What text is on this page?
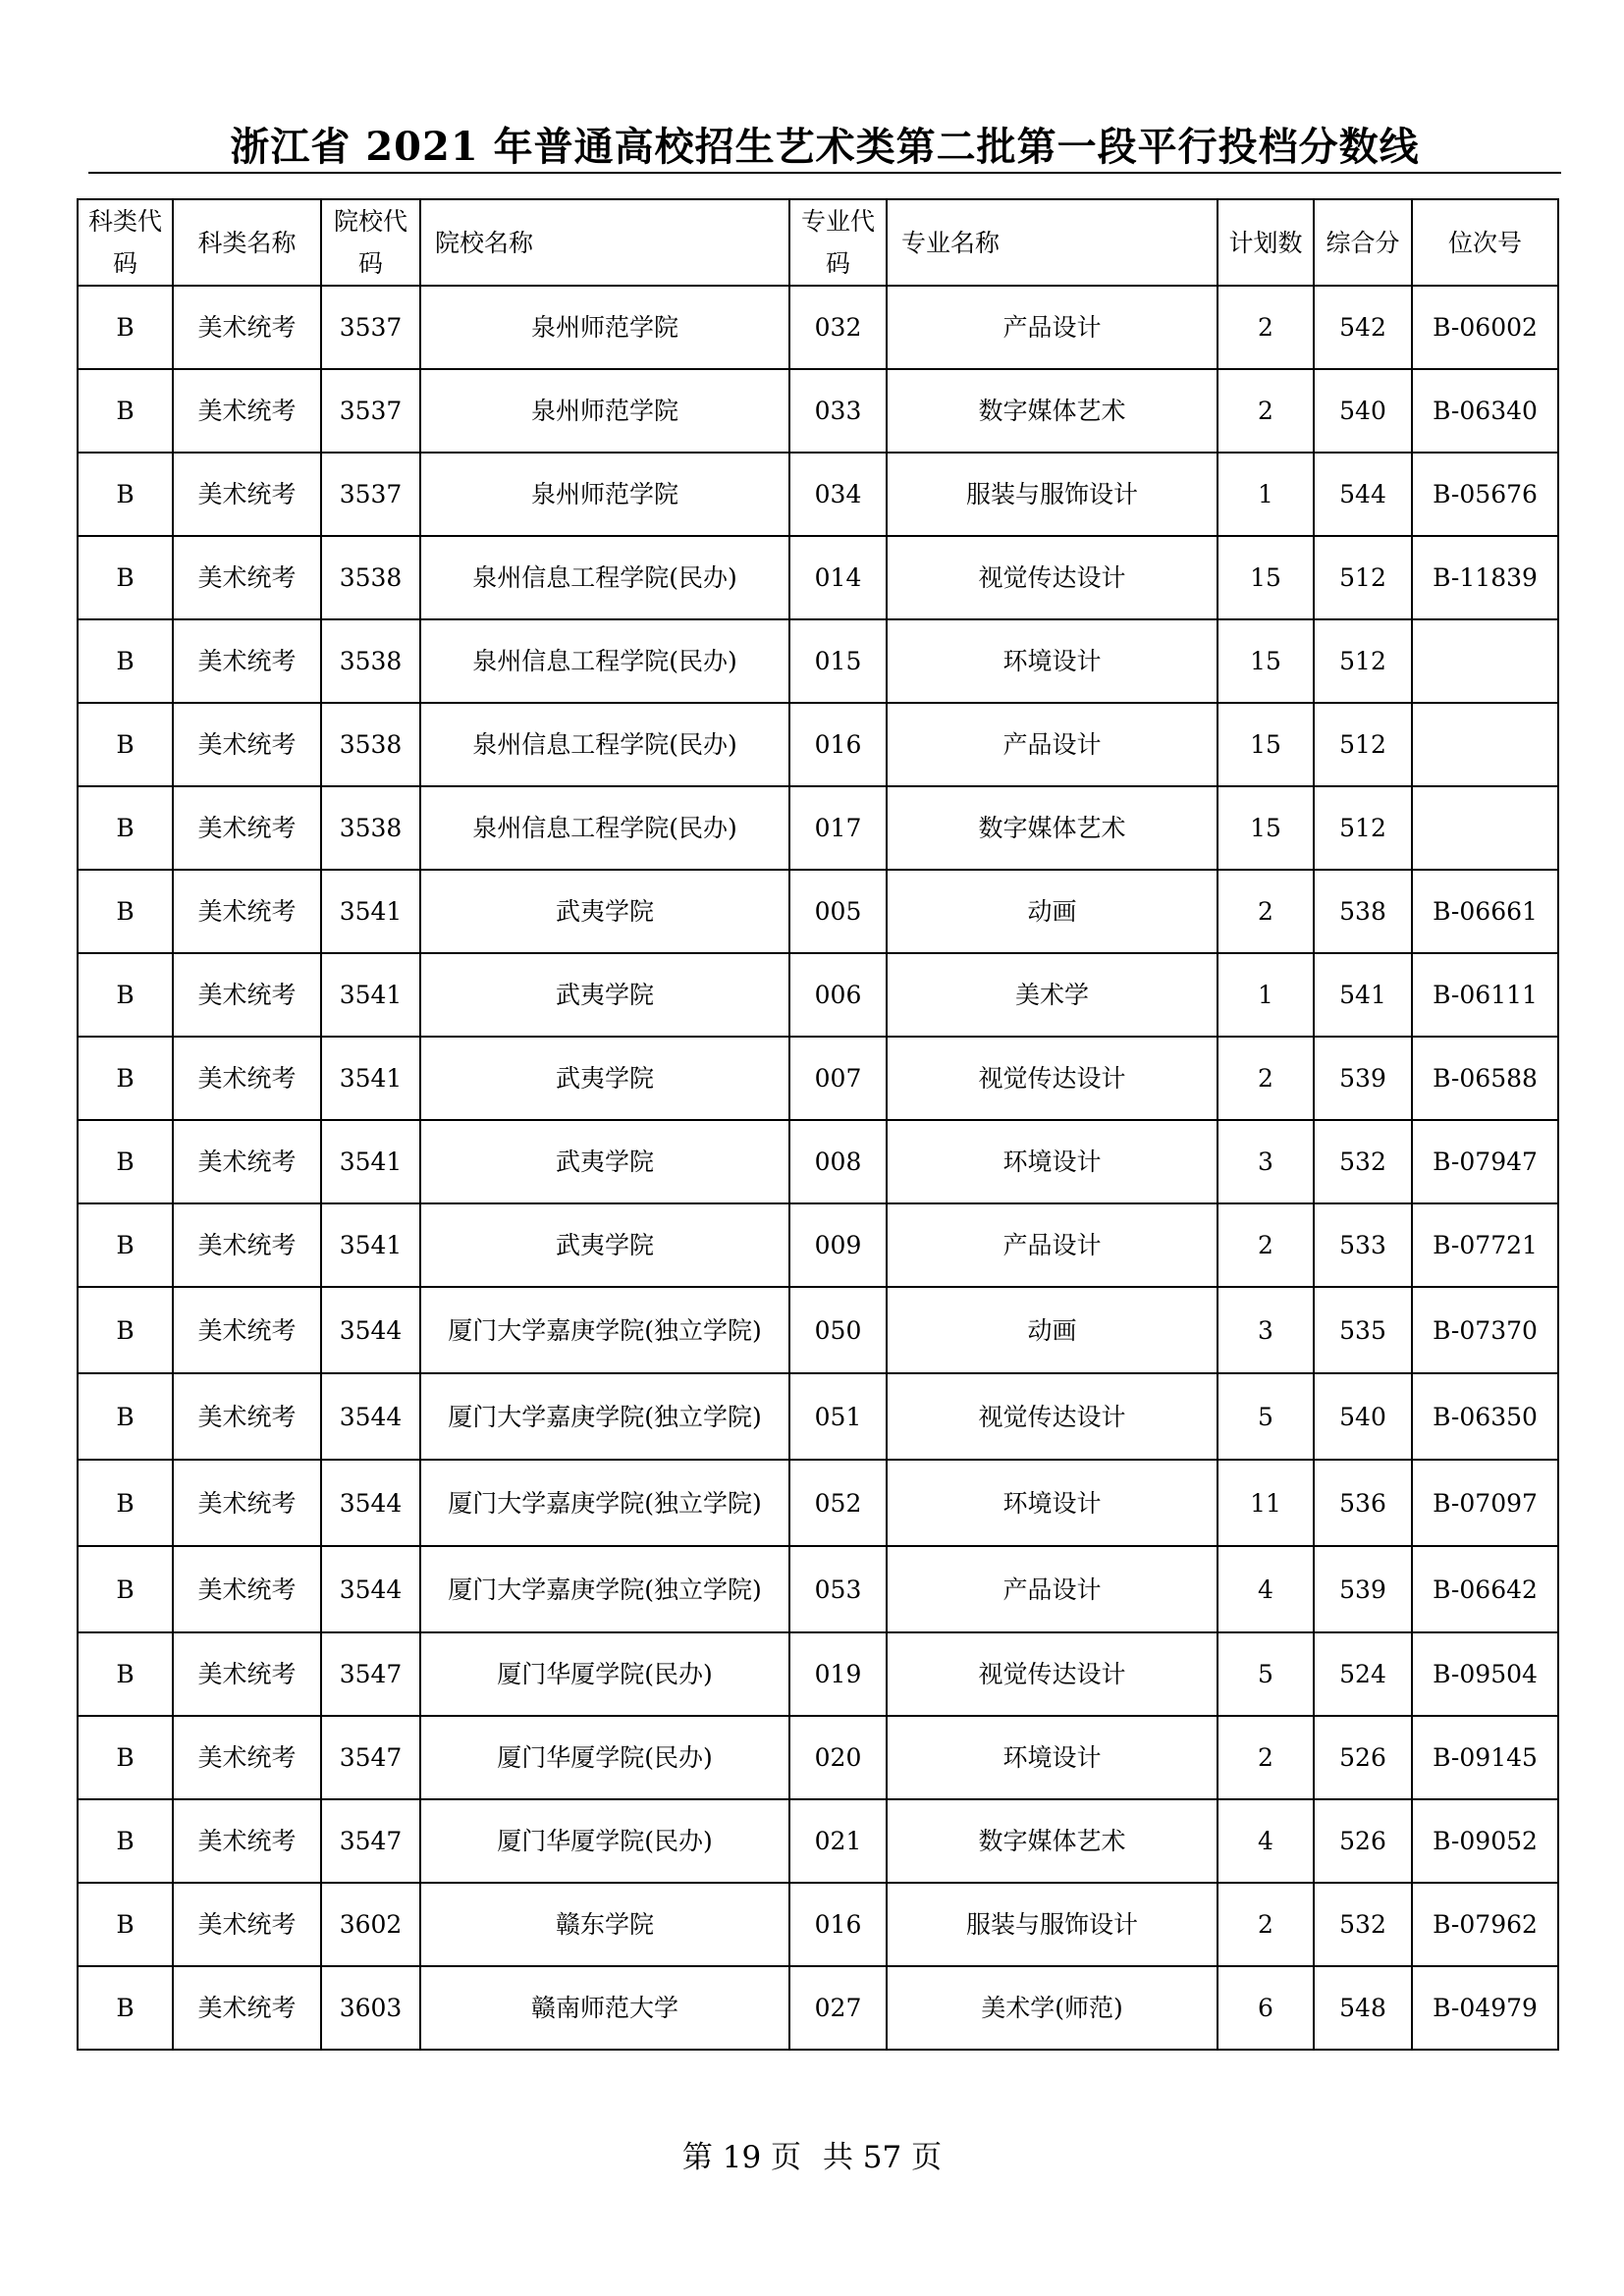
浙江省 2021 年普通高校招生艺术类第二批第一段平行投档分数线
科类代码	科类名称	院校代码	院校名称	专业代码	专业名称	计划数	综合分	位次号
B	美术统考	3537	泉州师范学院	032	产品设计	2	542	B-06002
B	美术统考	3537	泉州师范学院	033	数字媒体艺术	2	540	B-06340
B	美术统考	3537	泉州师范学院	034	服装与服饰设计	1	544	B-05676
B	美术统考	3538	泉州信息工程学院(民办)	014	视觉传达设计	15	512	B-11839
B	美术统考	3538	泉州信息工程学院(民办)	015	环境设计	15	512	
B	美术统考	3538	泉州信息工程学院(民办)	016	产品设计	15	512	
B	美术统考	3538	泉州信息工程学院(民办)	017	数字媒体艺术	15	512	
B	美术统考	3541	武夷学院	005	动画	2	538	B-06661
B	美术统考	3541	武夷学院	006	美术学	1	541	B-06111
B	美术统考	3541	武夷学院	007	视觉传达设计	2	539	B-06588
B	美术统考	3541	武夷学院	008	环境设计	3	532	B-07947
B	美术统考	3541	武夷学院	009	产品设计	2	533	B-07721
B	美术统考	3544	厦门大学嘉庚学院(独立学院)	050	动画	3	535	B-07370
B	美术统考	3544	厦门大学嘉庚学院(独立学院)	051	视觉传达设计	5	540	B-06350
B	美术统考	3544	厦门大学嘉庚学院(独立学院)	052	环境设计	11	536	B-07097
B	美术统考	3544	厦门大学嘉庚学院(独立学院)	053	产品设计	4	539	B-06642
B	美术统考	3547	厦门华厦学院(民办)	019	视觉传达设计	5	524	B-09504
B	美术统考	3547	厦门华厦学院(民办)	020	环境设计	2	526	B-09145
B	美术统考	3547	厦门华厦学院(民办)	021	数字媒体艺术	4	526	B-09052
B	美术统考	3602	赣东学院	016	服装与服饰设计	2	532	B-07962
B	美术统考	3603	赣南师范大学	027	美术学(师范)	6	548	B-04979
第 19 页 共 57 页
